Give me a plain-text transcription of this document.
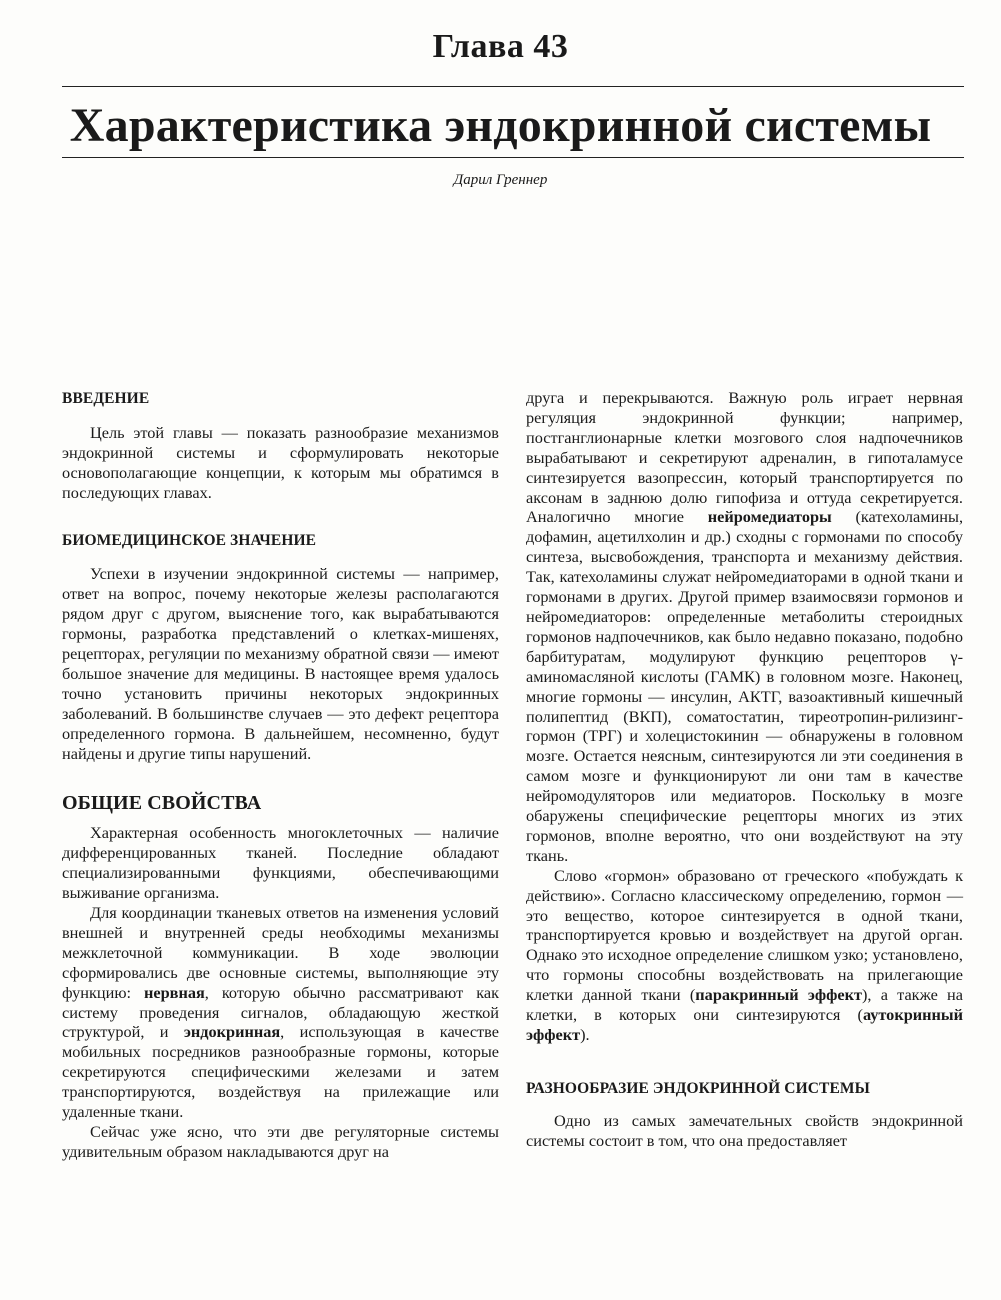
Глава 43
Характеристика эндокринной системы
Дарил Греннер
ВВЕДЕНИЕ

Цель этой главы — показать разнообразие механизмов эндокринной системы и сформулировать некоторые основополагающие концепции, к которым мы обратимся в последующих главах.

БИОМЕДИЦИНСКОЕ ЗНАЧЕНИЕ

Успехи в изучении эндокринной системы — например, ответ на вопрос, почему некоторые железы располагаются рядом друг с другом, выяснение того, как вырабатываются гормоны, разработка представлений о клетках-мишенях, рецепторах, регуляции по механизму обратной связи — имеют большое значение для медицины. В настоящее время удалось точно установить причины некоторых эндокринных заболеваний. В большинстве случаев — это дефект рецептора определенного гормона. В дальнейшем, несомненно, будут найдены и другие типы нарушений.

ОБЩИЕ СВОЙСТВА

Характерная особенность многоклеточных — наличие дифференцированных тканей. Последние обладают специализированными функциями, обеспечивающими выживание организма.

Для координации тканевых ответов на изменения условий внешней и внутренней среды необходимы механизмы межклеточной коммуникации. В ходе эволюции сформировались две основные системы, выполняющие эту функцию: нервная, которую обычно рассматривают как систему проведения сигналов, обладающую жесткой структурой, и эндокринная, использующая в качестве мобильных посредников разнообразные гормоны, которые секретируются специфическими железами и затем транспортируются, воздействуя на прилежащие или удаленные ткани.

Сейчас уже ясно, что эти две регуляторные системы удивительным образом накладываются друг на

друга и перекрываются. Важную роль играет нервная регуляция эндокринной функции; например, постганглионарные клетки мозгового слоя надпочечников вырабатывают и секретируют адреналин, в гипоталамусе синтезируется вазопрессин, который транспортируется по аксонам в заднюю долю гипофиза и оттуда секретируется. Аналогично многие нейромедиаторы (катехоламины, дофамин, ацетилхолин и др.) сходны с гормонами по способу синтеза, высвобождения, транспорта и механизму действия. Так, катехоламины служат нейромедиаторами в одной ткани и гормонами в других. Другой пример взаимосвязи гормонов и нейромедиаторов: определенные метаболиты стероидных гормонов надпочечников, как было недавно показано, подобно барбитуратам, модулируют функцию рецепторов γ-аминомасляной кислоты (ГАМК) в головном мозге. Наконец, многие гормоны — инсулин, АКТГ, вазоактивный кишечный полипептид (ВКП), соматостатин, тиреотропин-рилизинг-гормон (ТРГ) и холецистокинин — обнаружены в головном мозге. Остается неясным, синтезируются ли эти соединения в самом мозге и функционируют ли они там в качестве нейромодуляторов или медиаторов. Поскольку в мозге обаружены специфические рецепторы многих из этих гормонов, вполне вероятно, что они воздействуют на эту ткань.

Слово «гормон» образовано от греческого «побуждать к действию». Согласно классическому определению, гормон — это вещество, которое синтезируется в одной ткани, транспортируется кровью и воздействует на другой орган. Однако это исходное определение слишком узко; установлено, что гормоны способны воздействовать на прилегающие клетки данной ткани (паракринный эффект), а также на клетки, в которых они синтезируются (аутокринный эффект).

РАЗНООБРАЗИЕ ЭНДОКРИННОЙ СИСТЕМЫ

Одно из самых замечательных свойств эндокринной системы состоит в том, что она предоставляет
